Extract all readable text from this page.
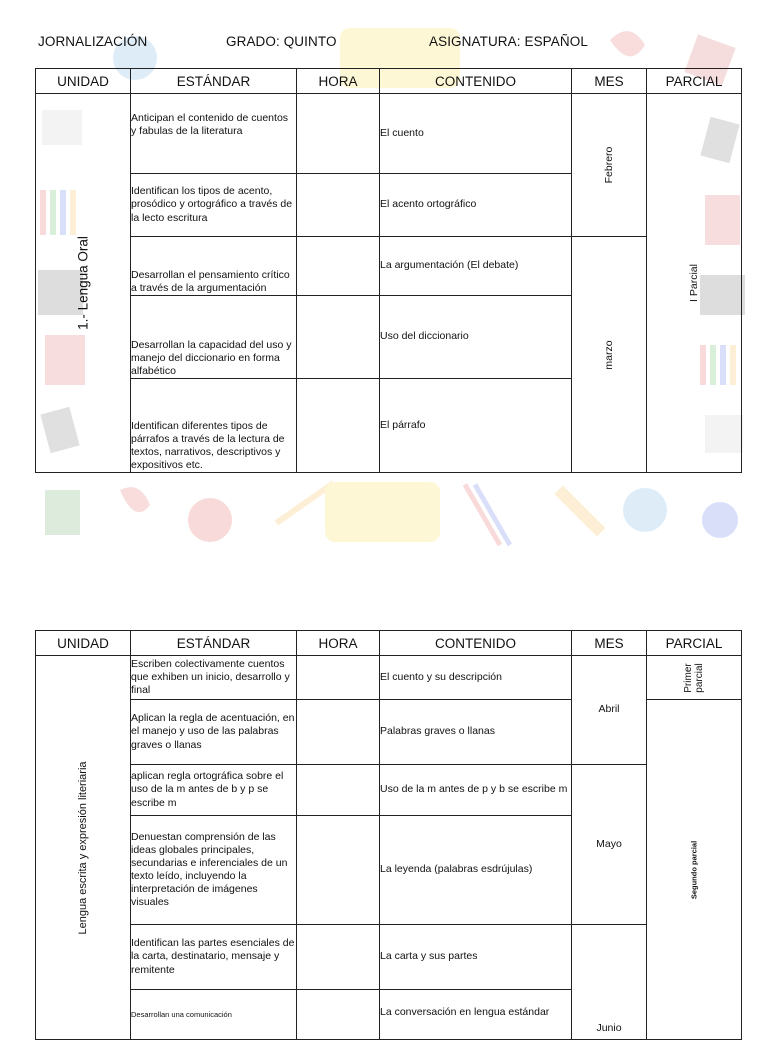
JORNALIZACIÓN	GRADO: QUINTO	ASIGNATURA: ESPAÑOL
UNIDAD	ESTÁNDAR	HORA	CONTENIDO	MES	PARCIAL

1.- Lengua Oral	Anticipan el contenido de cuentos y fabulas de la literatura		El cuento	Febrero	I Parcial

	Identifican los tipos de acento, prosódico y ortográfico a través de la lecto escritura		El acento ortográfico		
	Desarrollan el pensamiento crítico a través de la argumentación		La argumentación (El debate)	marzo	

	Desarrollan la capacidad del uso y manejo del diccionario en forma alfabético		Uso del diccionario		
	Identifican diferentes tipos de párrafos a través de la lectura de textos, narrativos, descriptivos y expositivos etc.		El párrafo		
UNIDAD	ESTÁNDAR	HORA	CONTENIDO	MES	PARCIAL

Lengua escrita y expresión literiaria	Escriben colectivamente cuentos que exhiben un inicio, desarrollo y final		El cuento y su descripción	Abril	Primer parcial

	Aplican la regla de acentuación, en el manejo y uso de las palabras graves o llanas		Palabras graves o llanas		Segundo parcial

	aplican regla ortográfica sobre el uso de la m antes de b y p se escribe m		Uso de la m antes de p y b se escribe m	Mayo	
	Denuestan comprensión de las ideas globales principales, secundarias e inferenciales de un texto leído, incluyendo la interpretación de imágenes visuales		La leyenda (palabras esdrújulas)		
	Identifican las partes esenciales de la carta, destinatario, mensaje y remitente		La carta y sus partes	Junio	
	Desarrollan una comunicación		La conversación en lengua estándar		
